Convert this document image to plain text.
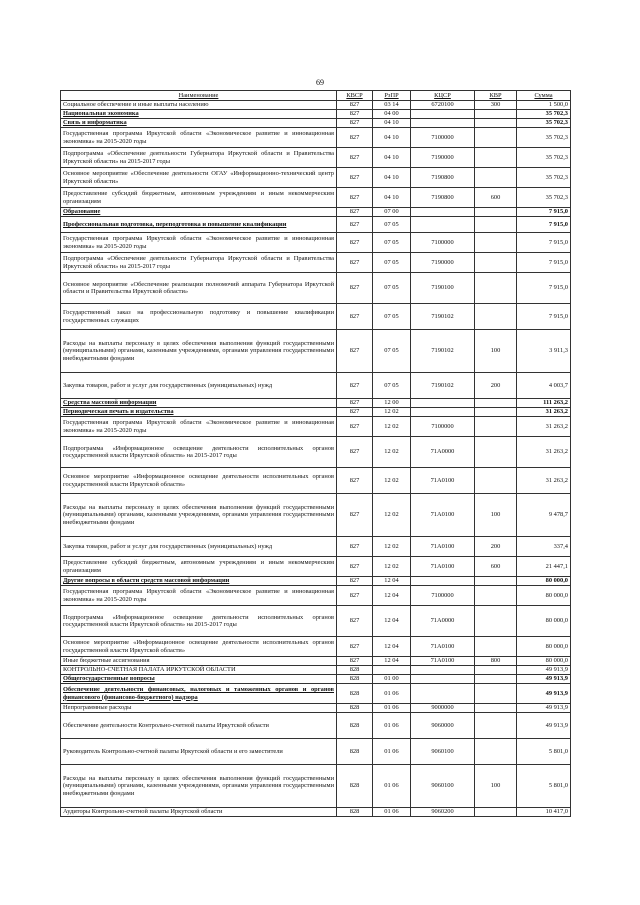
69
Наименование	КВСР	РзПР	КЦСР	КВР	Сумма
Социальное обеспечение и иные выплаты населению	827	03 14	6720100	300	1 500,0
Национальная экономика	827	04 00			35 702,3
Связь и информатика	827	04 10			35 702,3
Государственная программа Иркутской области «Экономическое развитие и инновационная экономика» на 2015-2020 годы	827	04 10	7100000		35 702,3
Подпрограмма «Обеспечение деятельности Губернатора Иркутской области и Правительства Иркутской области» на 2015-2017 годы	827	04 10	7190000		35 702,3
Основное мероприятие «Обеспечение деятельности ОГАУ «Информационно-технический центр Иркутской области»	827	04 10	7190800		35 702,3
Предоставление субсидий бюджетным, автономным учреждениям и иным некоммерческим организациям	827	04 10	7190800	600	35 702,3
Образование	827	07 00			7 915,0
Профессиональная подготовка, переподготовка и повышение квалификации	827	07 05			7 915,0
Государственная программа Иркутской области «Экономическое развитие и инновационная экономика» на 2015-2020 годы	827	07 05	7100000		7 915,0
Подпрограмма «Обеспечение деятельности Губернатора Иркутской области и Правительства Иркутской области» на 2015-2017 годы	827	07 05	7190000		7 915,0
Основное мероприятие «Обеспечение реализации полномочий аппарата Губернатора Иркутской области и Правительства Иркутской области»	827	07 05	7190100		7 915,0
Государственный заказ на профессиональную подготовку и повышение квалификации государственных служащих	827	07 05	7190102		7 915,0
Расходы на выплаты персоналу в целях обеспечения выполнения функций государственными (муниципальными) органами, казенными учреждениями, органами управления государственными внебюджетными фондами	827	07 05	7190102	100	3 911,3
Закупка товаров, работ и услуг для государственных (муниципальных) нужд	827	07 05	7190102	200	4 003,7
Средства массовой информации	827	12 00			111 263,2
Периодическая печать и издательства	827	12 02			31 263,2
Государственная программа Иркутской области «Экономическое развитие и инновационная экономика» на 2015-2020 годы	827	12 02	7100000		31 263,2
Подпрограмма «Информационное освещение деятельности исполнительных органов государственной власти Иркутской области» на 2015-2017 годы	827	12 02	71А0000		31 263,2
Основное мероприятие «Информационное освещение деятельности исполнительных органов государственной власти Иркутской области»	827	12 02	71А0100		31 263,2
Расходы на выплаты персоналу в целях обеспечения выполнения функций государственными (муниципальными) органами, казенными учреждениями, органами управления государственными внебюджетными фондами	827	12 02	71А0100	100	9 478,7
Закупка товаров, работ и услуг для государственных (муниципальных) нужд	827	12 02	71А0100	200	337,4
Предоставление субсидий бюджетным, автономным учреждениям и иным некоммерческим организациям	827	12 02	71А0100	600	21 447,1
Другие вопросы в области средств массовой информации	827	12 04			80 000,0
Государственная программа Иркутской области «Экономическое развитие и инновационная экономика» на 2015-2020 годы	827	12 04	7100000		80 000,0
Подпрограмма «Информационное освещение деятельности исполнительных органов государственной власти Иркутской области» на 2015-2017 годы	827	12 04	71А0000		80 000,0
Основное мероприятие «Информационное освещение деятельности исполнительных органов государственной власти Иркутской области»	827	12 04	71А0100		80 000,0
Иные бюджетные ассигнования	827	12 04	71А0100	800	80 000,0
КОНТРОЛЬНО-СЧЕТНАЯ ПАЛАТА ИРКУТСКОЙ ОБЛАСТИ	828				49 913,9
Общегосударственные вопросы	828	01 00			49 913,9
Обеспечение деятельности финансовых, налоговых и таможенных органов и органов финансового (финансово-бюджетного) надзора	828	01 06			49 913,9
Непрограммные расходы	828	01 06	9000000		49 913,9
Обеспечение деятельности Контрольно-счетной палаты Иркутской области	828	01 06	9060000		49 913,9
Руководитель Контрольно-счетной палаты Иркутской области и его заместители	828	01 06	9060100		5 801,0
Расходы на выплаты персоналу в целях обеспечения выполнения функций государственными (муниципальными) органами, казенными учреждениями, органами управления государственными внебюджетными фондами	828	01 06	9060100	100	5 801,0
Аудиторы Контрольно-счетной палаты Иркутской области	828	01 06	9060200		10 417,0
